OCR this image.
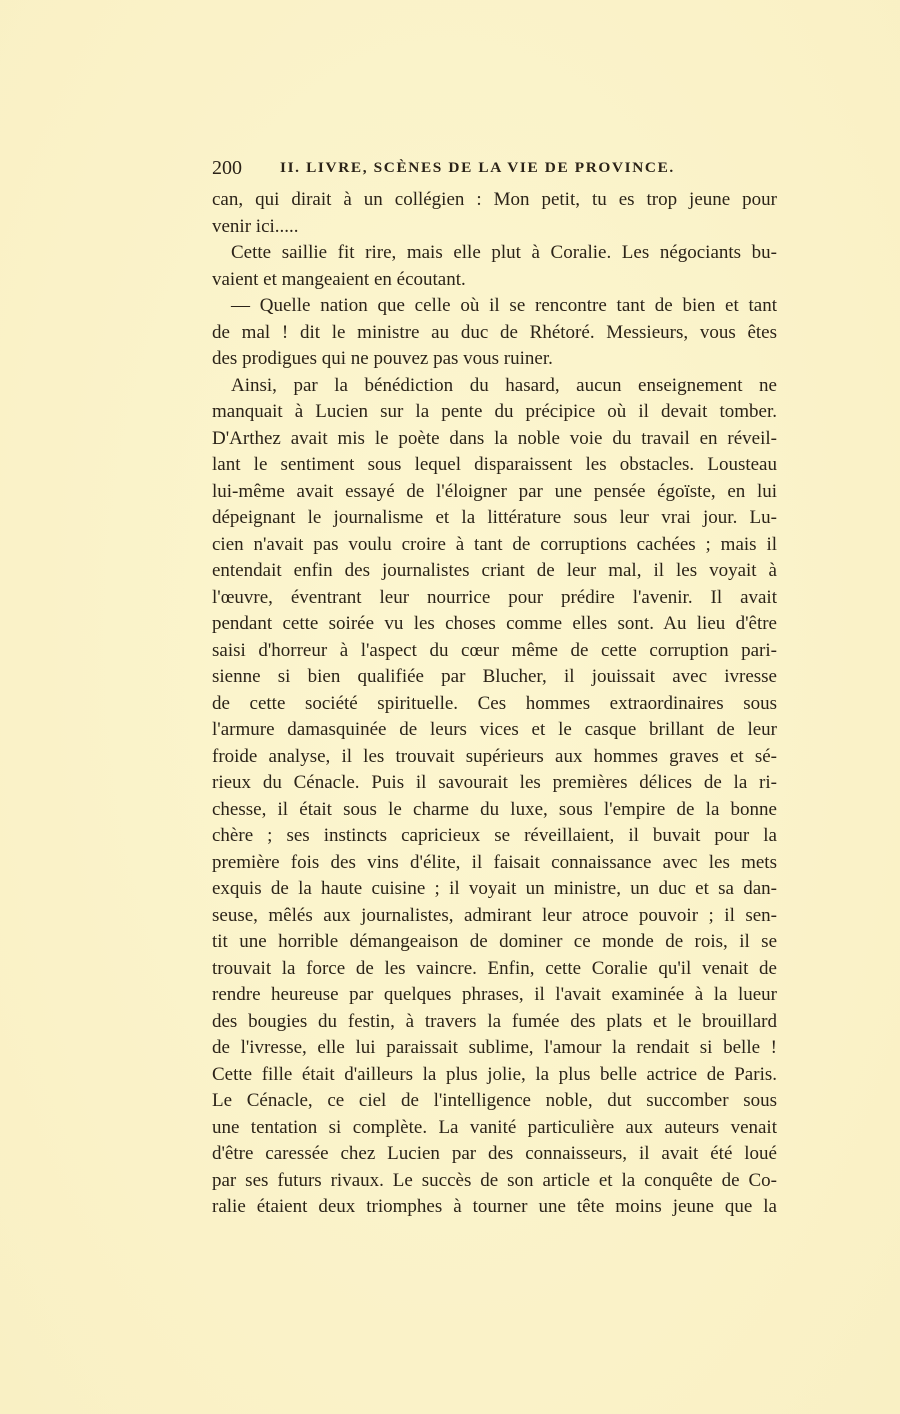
200	II. LIVRE, SCÈNES DE LA VIE DE PROVINCE.
can, qui dirait à un collégien : Mon petit, tu es trop jeune pour
venir ici.....
Cette saillie fit rire, mais elle plut à Coralie. Les négociants bu-
vaient et mangeaient en écoutant.
— Quelle nation que celle où il se rencontre tant de bien et tant
de mal ! dit le ministre au duc de Rhétoré. Messieurs, vous êtes
des prodigues qui ne pouvez pas vous ruiner.
Ainsi, par la bénédiction du hasard, aucun enseignement ne
manquait à Lucien sur la pente du précipice où il devait tomber.
D'Arthez avait mis le poète dans la noble voie du travail en réveil-
lant le sentiment sous lequel disparaissent les obstacles. Lousteau
lui-même avait essayé de l'éloigner par une pensée égoïste, en lui
dépeignant le journalisme et la littérature sous leur vrai jour. Lu-
cien n'avait pas voulu croire à tant de corruptions cachées ; mais il
entendait enfin des journalistes criant de leur mal, il les voyait à
l'œuvre, éventrant leur nourrice pour prédire l'avenir. Il avait
pendant cette soirée vu les choses comme elles sont. Au lieu d'être
saisi d'horreur à l'aspect du cœur même de cette corruption pari-
sienne si bien qualifiée par Blucher, il jouissait avec ivresse
de cette société spirituelle. Ces hommes extraordinaires sous
l'armure damasquinée de leurs vices et le casque brillant de leur
froide analyse, il les trouvait supérieurs aux hommes graves et sé-
rieux du Cénacle. Puis il savourait les premières délices de la ri-
chesse, il était sous le charme du luxe, sous l'empire de la bonne
chère ; ses instincts capricieux se réveillaient, il buvait pour la
première fois des vins d'élite, il faisait connaissance avec les mets
exquis de la haute cuisine ; il voyait un ministre, un duc et sa dan-
seuse, mêlés aux journalistes, admirant leur atroce pouvoir ; il sen-
tit une horrible démangeaison de dominer ce monde de rois, il se
trouvait la force de les vaincre. Enfin, cette Coralie qu'il venait de
rendre heureuse par quelques phrases, il l'avait examinée à la lueur
des bougies du festin, à travers la fumée des plats et le brouillard
de l'ivresse, elle lui paraissait sublime, l'amour la rendait si belle !
Cette fille était d'ailleurs la plus jolie, la plus belle actrice de Paris.
Le Cénacle, ce ciel de l'intelligence noble, dut succomber sous
une tentation si complète. La vanité particulière aux auteurs venait
d'être caressée chez Lucien par des connaisseurs, il avait été loué
par ses futurs rivaux. Le succès de son article et la conquête de Co-
ralie étaient deux triomphes à tourner une tête moins jeune que la
